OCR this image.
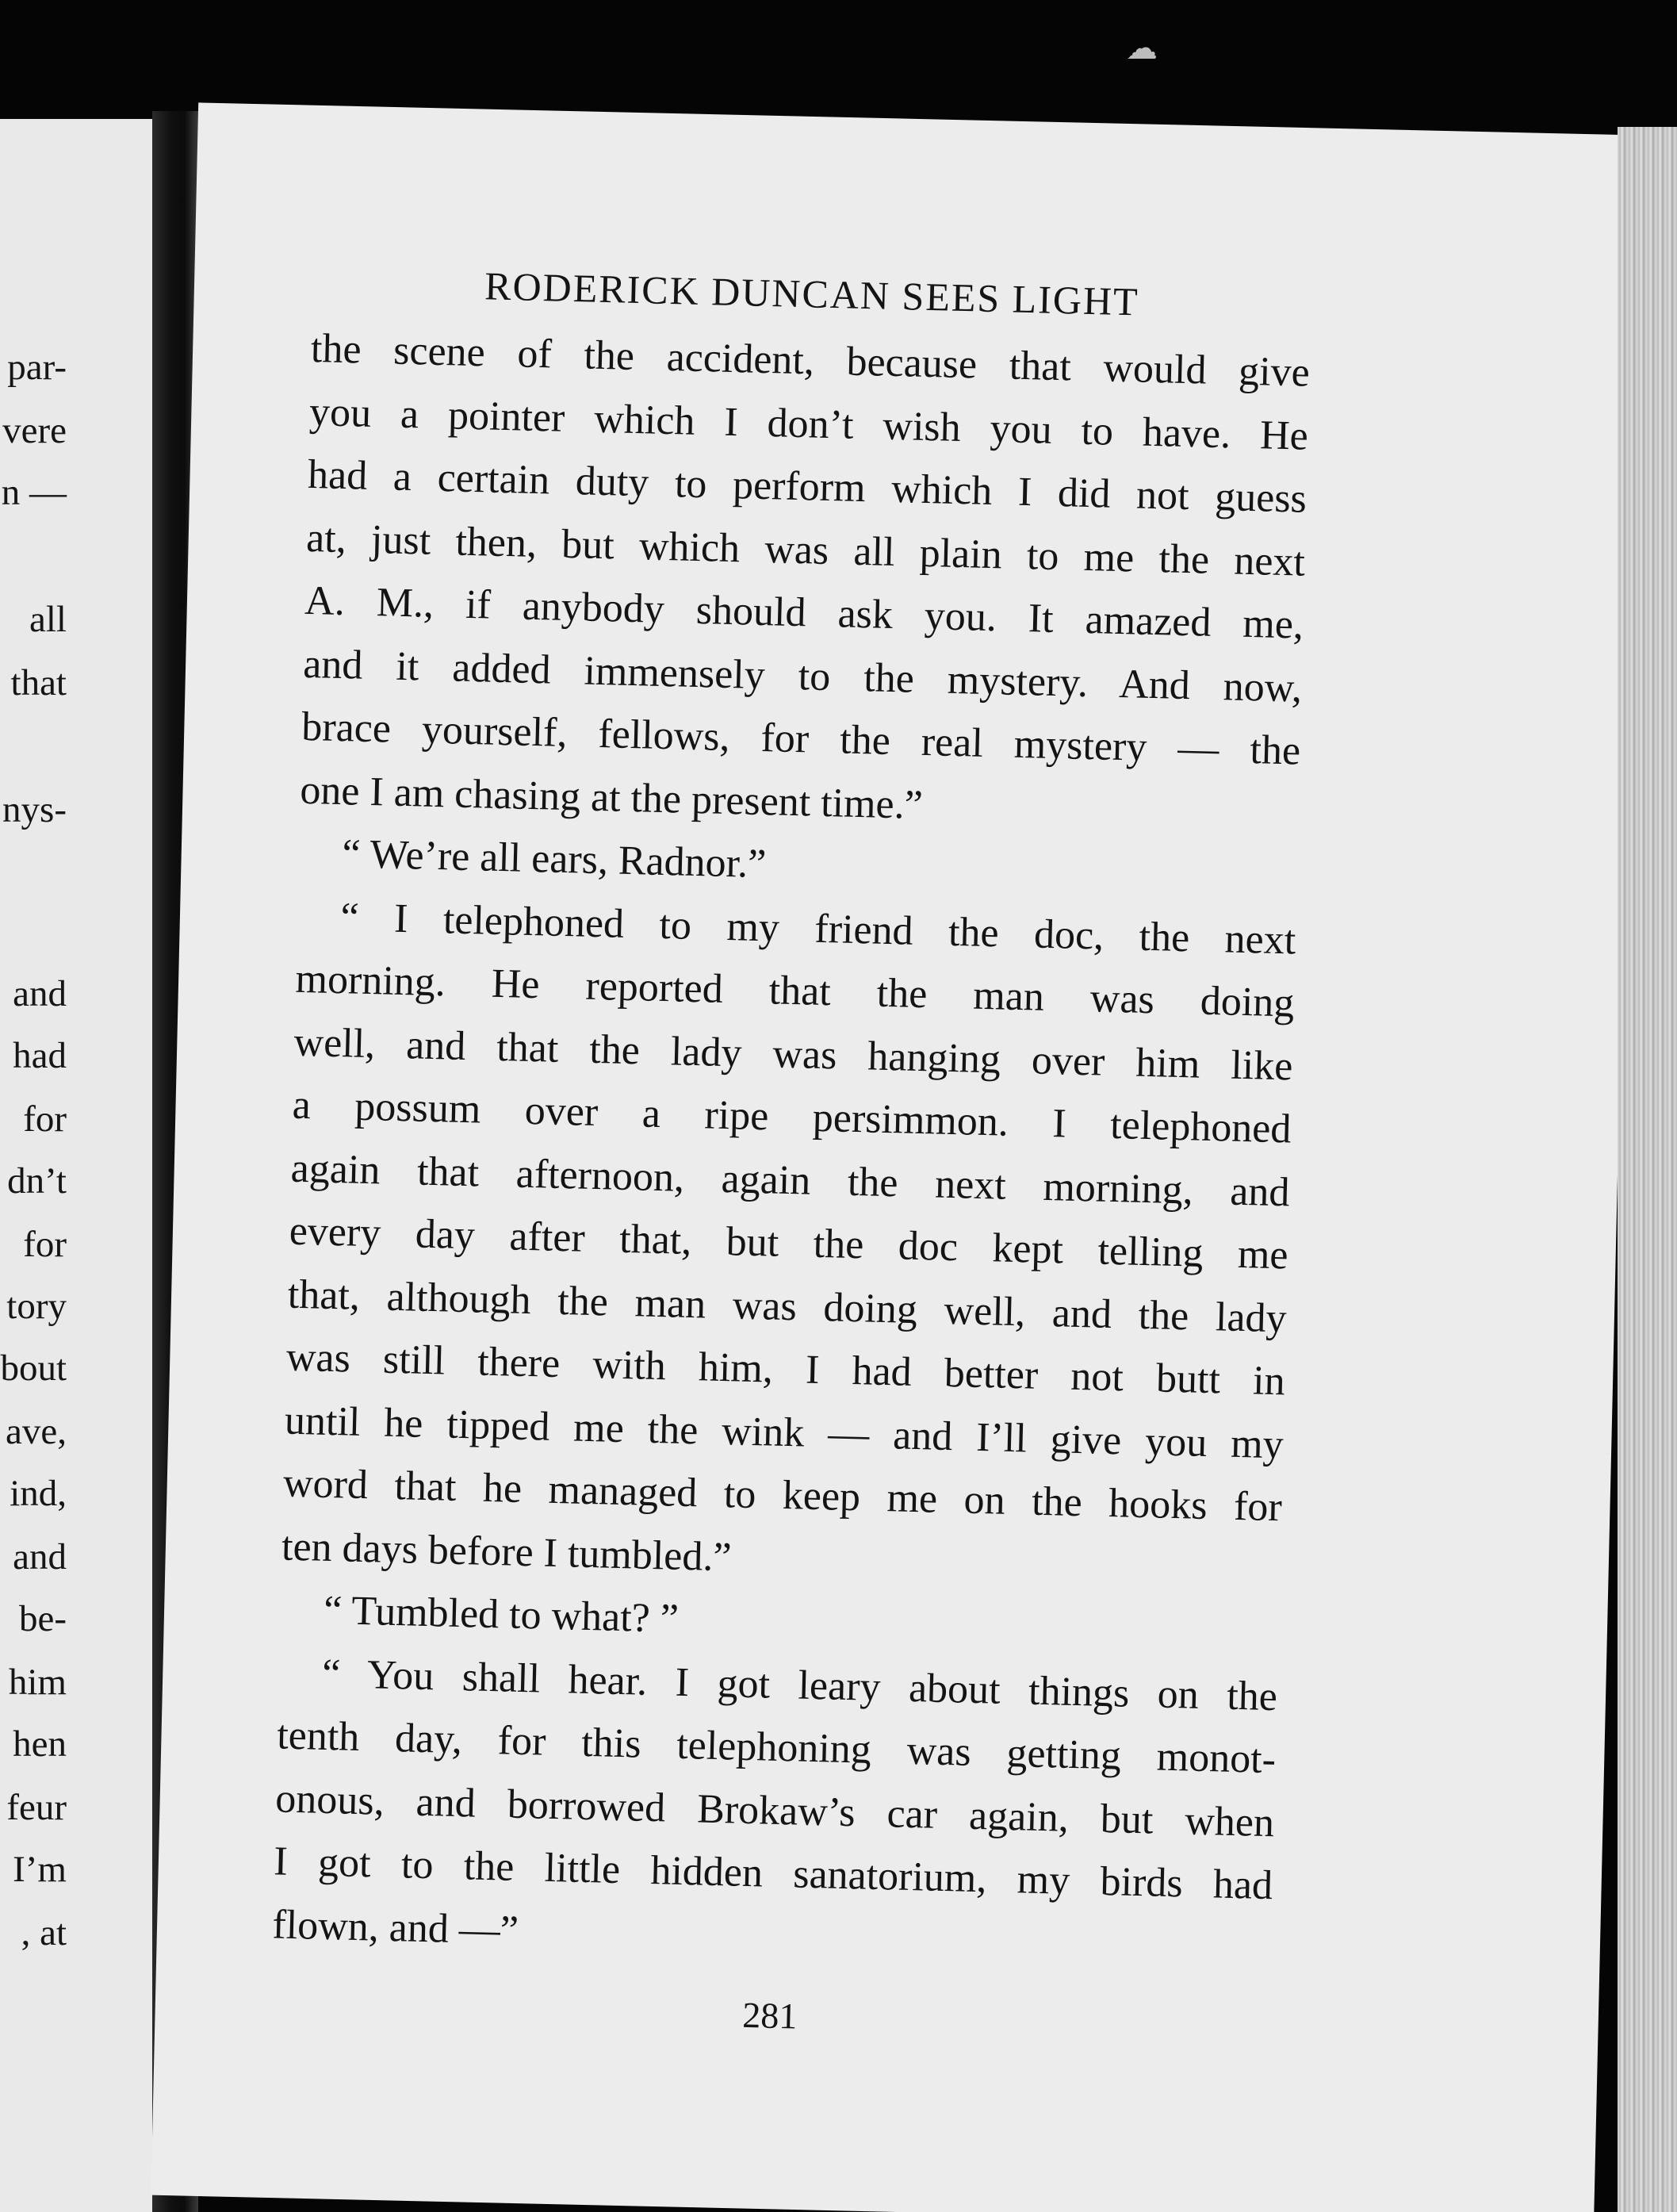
☁
par-
vere
n —
all
that
nys-
and
had
for
dn’t
for
tory
bout
ave,
ind,
and
be-
him
hen
feur
I’m
, at
RODERICK DUNCAN SEES LIGHT
the scene of the accident, because that would give
you a pointer which I don’t wish you to have. He
had a certain duty to perform which I did not guess
at, just then, but which was all plain to me the next
A. M., if anybody should ask you. It amazed me,
and it added immensely to the mystery. And now,
brace yourself, fellows, for the real mystery — the
one I am chasing at the present time.”
“ We’re all ears, Radnor.”
“ I telephoned to my friend the doc, the next
morning. He reported that the man was doing
well, and that the lady was hanging over him like
a possum over a ripe persimmon. I telephoned
again that afternoon, again the next morning, and
every day after that, but the doc kept telling me
that, although the man was doing well, and the lady
was still there with him, I had better not butt in
until he tipped me the wink — and I’ll give you my
word that he managed to keep me on the hooks for
ten days before I tumbled.”
“ Tumbled to what? ”
“ You shall hear. I got leary about things on the
tenth day, for this telephoning was getting monot-
onous, and borrowed Brokaw’s car again, but when
I got to the little hidden sanatorium, my birds had
flown, and —”
281
